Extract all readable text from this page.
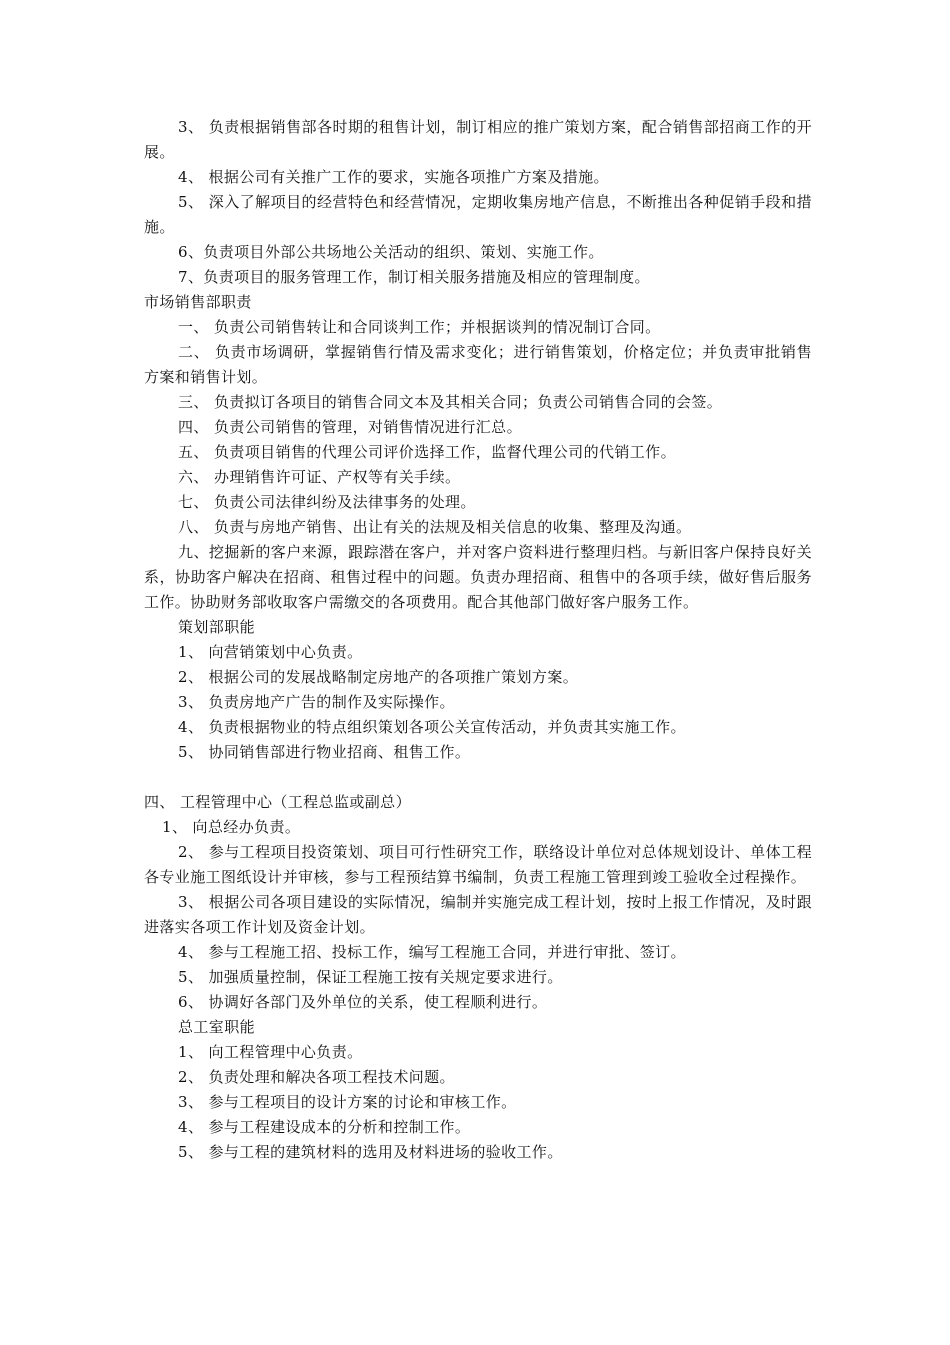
3、 负责根据销售部各时期的租售计划，制订相应的推广策划方案，配合销售部招商工作的开展。

4、 根据公司有关推广工作的要求，实施各项推广方案及措施。

5、 深入了解项目的经营特色和经营情况，定期收集房地产信息，不断推出各种促销手段和措施。

6、负责项目外部公共场地公关活动的组织、策划、实施工作。

7、负责项目的服务管理工作，制订相关服务措施及相应的管理制度。

市场销售部职责

一、 负责公司销售转让和合同谈判工作；并根据谈判的情况制订合同。

二、 负责市场调研，掌握销售行情及需求变化；进行销售策划，价格定位；并负责审批销售方案和销售计划。

三、 负责拟订各项目的销售合同文本及其相关合同；负责公司销售合同的会签。

四、 负责公司销售的管理，对销售情况进行汇总。

五、 负责项目销售的代理公司评价选择工作，监督代理公司的代销工作。

六、 办理销售许可证、产权等有关手续。

七、 负责公司法律纠纷及法律事务的处理。

八、 负责与房地产销售、出让有关的法规及相关信息的收集、整理及沟通。

九、挖掘新的客户来源，跟踪潜在客户，并对客户资料进行整理归档。与新旧客户保持良好关系，协助客户解决在招商、租售过程中的问题。负责办理招商、租售中的各项手续，做好售后服务工作。协助财务部收取客户需缴交的各项费用。配合其他部门做好客户服务工作。

策划部职能

1、 向营销策划中心负责。

2、 根据公司的发展战略制定房地产的各项推广策划方案。

3、 负责房地产广告的制作及实际操作。

4、 负责根据物业的特点组织策划各项公关宣传活动，并负责其实施工作。

5、 协同销售部进行物业招商、租售工作。

四、 工程管理中心（工程总监或副总）

1、 向总经办负责。

2、 参与工程项目投资策划、项目可行性研究工作，联络设计单位对总体规划设计、单体工程各专业施工图纸设计并审核，参与工程预结算书编制，负责工程施工管理到竣工验收全过程操作。

3、 根据公司各项目建设的实际情况，编制并实施完成工程计划，按时上报工作情况，及时跟进落实各项工作计划及资金计划。

4、 参与工程施工招、投标工作，编写工程施工合同，并进行审批、签订。

5、 加强质量控制，保证工程施工按有关规定要求进行。

6、 协调好各部门及外单位的关系，使工程顺利进行。

总工室职能

1、 向工程管理中心负责。

2、 负责处理和解决各项工程技术问题。

3、 参与工程项目的设计方案的讨论和审核工作。

4、 参与工程建设成本的分析和控制工作。

5、 参与工程的建筑材料的选用及材料进场的验收工作。
